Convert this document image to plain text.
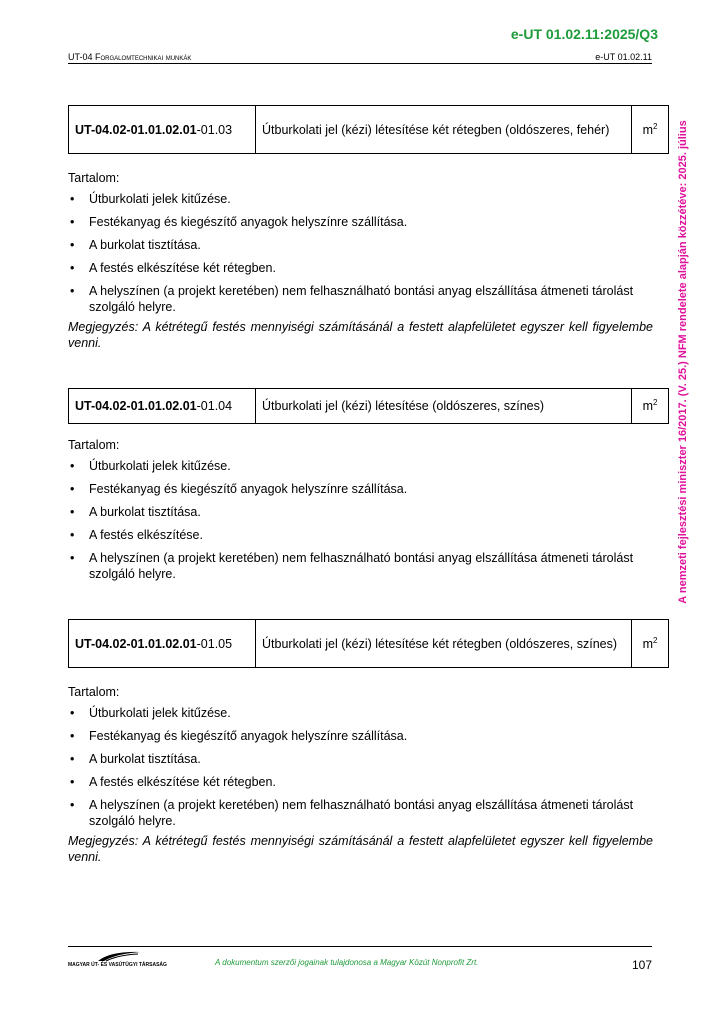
e-UT 01.02.11:2025/Q3
UT-04 Forgalomtechnikai munkák	e-UT 01.02.11
A nemzeti fejlesztési miniszter 16/2017. (V. 25.) NFM rendelete alapján közzétéve: 2025. július
UT-04.02-01.01.02.01-01.03	Útburkolati jel (kézi) létesítése két rétegben (oldószeres, fehér)	$m^2$

Tartalom:

• Útburkolati jelek kitűzése.
• Festékanyag és kiegészítő anyagok helyszínre szállítása.
• A burkolat tisztítása.
• A festés elkészítése két rétegben.
• A helyszínen (a projekt keretében) nem felhasználható bontási anyag elszállítása átmeneti tárolást szolgáló helyre.

Megjegyzés: A kétrétegű festés mennyiségi számításánál a festett alapfelületet egyszer kell figyelembe venni.

UT-04.02-01.01.02.01-01.04	Útburkolati jel (kézi) létesítése (oldószeres, színes)	$m^2$

Tartalom:

• Útburkolati jelek kitűzése.
• Festékanyag és kiegészítő anyagok helyszínre szállítása.
• A burkolat tisztítása.
• A festés elkészítése.
• A helyszínen (a projekt keretében) nem felhasználható bontási anyag elszállítása átmeneti tárolást szolgáló helyre.
UT-04.02-01.01.02.01-01.05	Útburkolati jel (kézi) létesítése két rétegben (oldószeres, színes)	$m^2$

Tartalom:

• Útburkolati jelek kitűzése.
• Festékanyag és kiegészítő anyagok helyszínre szállítása.
• A burkolat tisztítása.
• A festés elkészítése két rétegben.
• A helyszínen (a projekt keretében) nem felhasználható bontási anyag elszállítása átmeneti tárolást szolgáló helyre.

Megjegyzés: A kétrétegű festés mennyiségi számításánál a festett alapfelületet egyszer kell figyelembe venni.

MAGYAR ÚT- ÉS VASÚTÜGYI TÁRSASÁG	A dokumentum szerzői jogainak tulajdonosa a Magyar Közút Nonprofit Zrt.	107
